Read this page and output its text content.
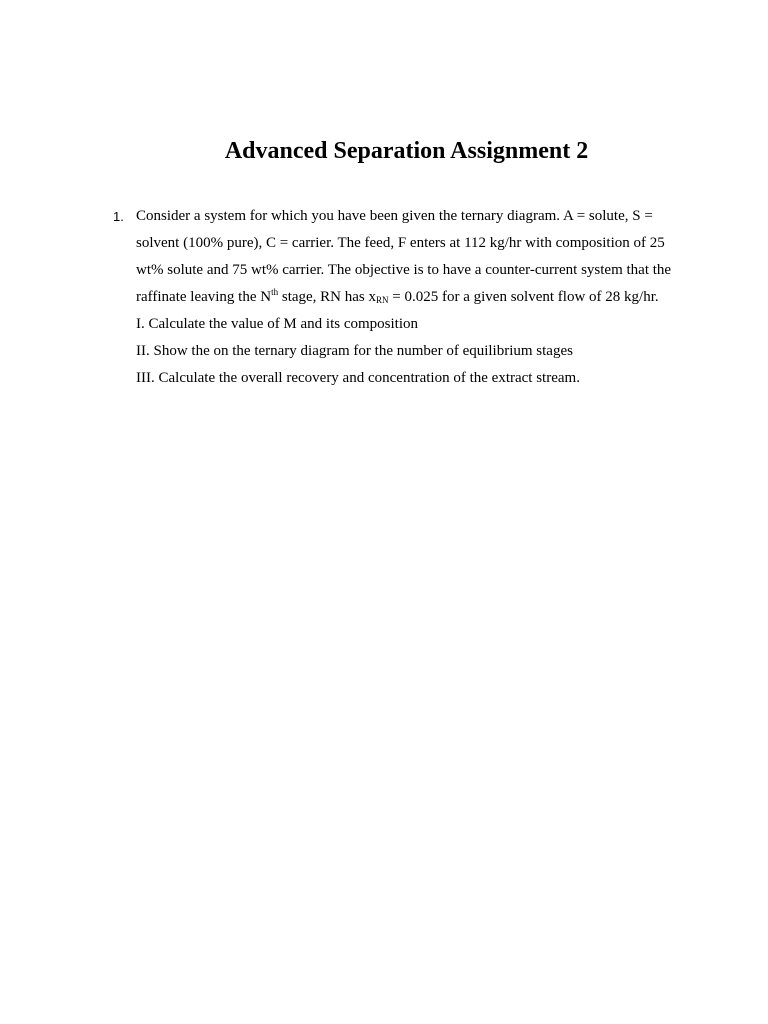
Advanced Separation Assignment 2
1. Consider a system for which you have been given the ternary diagram. A = solute, S =

solvent (100% pure), C = carrier. The feed, F enters at 112 kg/hr with composition of 25

wt% solute and 75 wt% carrier. The objective is to have a counter-current system that the

raffinate leaving the $N^{th}$ stage, RN has $x_{RN} = 0.025$ for a given solvent flow of 28 kg/hr.

I. Calculate the value of M and its composition

II. Show the on the ternary diagram for the number of equilibrium stages

III. Calculate the overall recovery and concentration of the extract stream.
